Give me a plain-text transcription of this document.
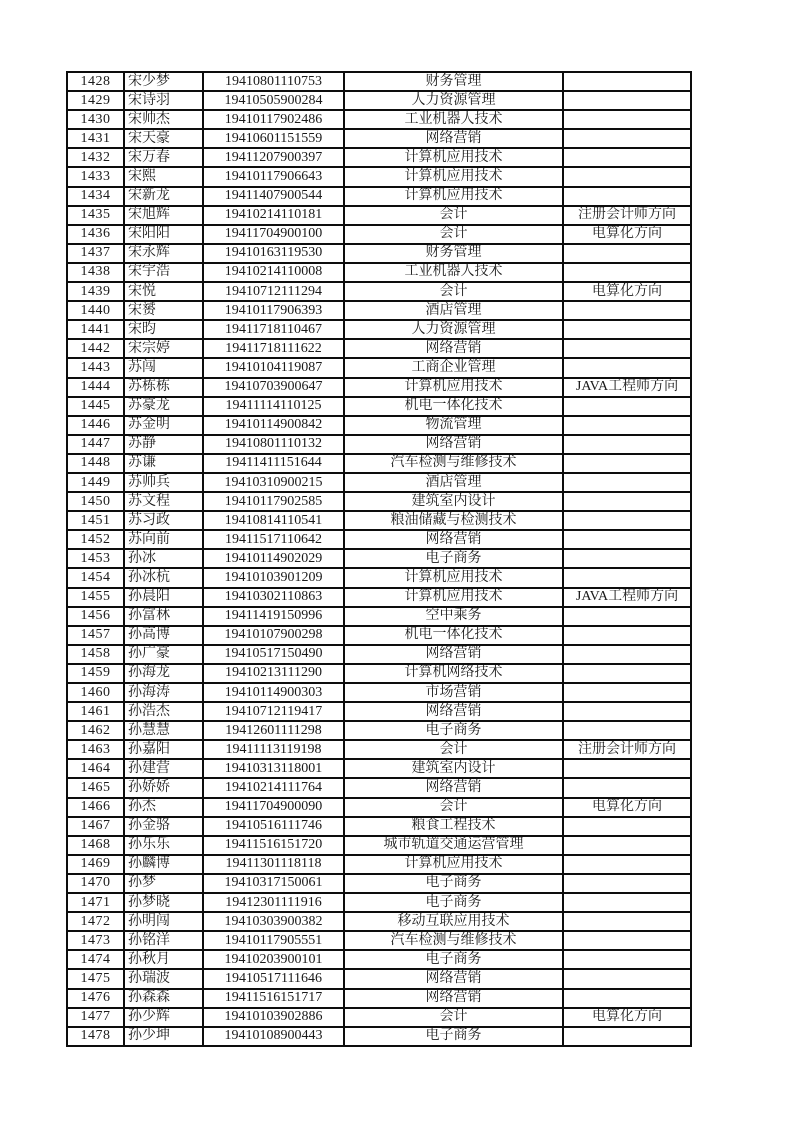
1428	宋少梦	19410801110753	财务管理	
1429	宋诗羽	19410505900284	人力资源管理	
1430	宋帅杰	19410117902486	工业机器人技术	
1431	宋天豪	19410601151559	网络营销	
1432	宋万春	19411207900397	计算机应用技术	
1433	宋熙	19410117906643	计算机应用技术	
1434	宋新龙	19411407900544	计算机应用技术	
1435	宋旭辉	19410214110181	会计	注册会计师方向
1436	宋阳阳	19411704900100	会计	电算化方向
1437	宋永辉	19410163119530	财务管理	
1438	宋宇浩	19410214110008	工业机器人技术	
1439	宋悦	19410712111294	会计	电算化方向
1440	宋赟	19410117906393	酒店管理	
1441	宋昀	19411718110467	人力资源管理	
1442	宋宗婷	19411718111622	网络营销	
1443	苏闯	19410104119087	工商企业管理	
1444	苏栋栋	19410703900647	计算机应用技术	JAVA工程师方向
1445	苏豪龙	19411114110125	机电一体化技术	
1446	苏金明	19410114900842	物流管理	
1447	苏静	19410801110132	网络营销	
1448	苏谦	19411411151644	汽车检测与维修技术	
1449	苏帅兵	19410310900215	酒店管理	
1450	苏文程	19410117902585	建筑室内设计	
1451	苏习政	19410814110541	粮油储藏与检测技术	
1452	苏向前	19411517110642	网络营销	
1453	孙冰	19410114902029	电子商务	
1454	孙冰杭	19410103901209	计算机应用技术	
1455	孙晨阳	19410302110863	计算机应用技术	JAVA工程师方向
1456	孙富林	19411419150996	空中乘务	
1457	孙高博	19410107900298	机电一体化技术	
1458	孙广豪	19410517150490	网络营销	
1459	孙海龙	19410213111290	计算机网络技术	
1460	孙海涛	19410114900303	市场营销	
1461	孙浩杰	19410712119417	网络营销	
1462	孙慧慧	19412601111298	电子商务	
1463	孙嘉阳	19411113119198	会计	注册会计师方向
1464	孙建营	19410313118001	建筑室内设计	
1465	孙娇娇	19410214111764	网络营销	
1466	孙杰	19411704900090	会计	电算化方向
1467	孙金骆	19410516111746	粮食工程技术	
1468	孙乐乐	19411516151720	城市轨道交通运营管理	
1469	孙麟博	19411301118118	计算机应用技术	
1470	孙梦	19410317150061	电子商务	
1471	孙梦晓	19412301111916	电子商务	
1472	孙明闯	19410303900382	移动互联应用技术	
1473	孙铭洋	19410117905551	汽车检测与维修技术	
1474	孙秋月	19410203900101	电子商务	
1475	孙瑞波	19410517111646	网络营销	
1476	孙森森	19411516151717	网络营销	
1477	孙少辉	19410103902886	会计	电算化方向
1478	孙少坤	19410108900443	电子商务	
